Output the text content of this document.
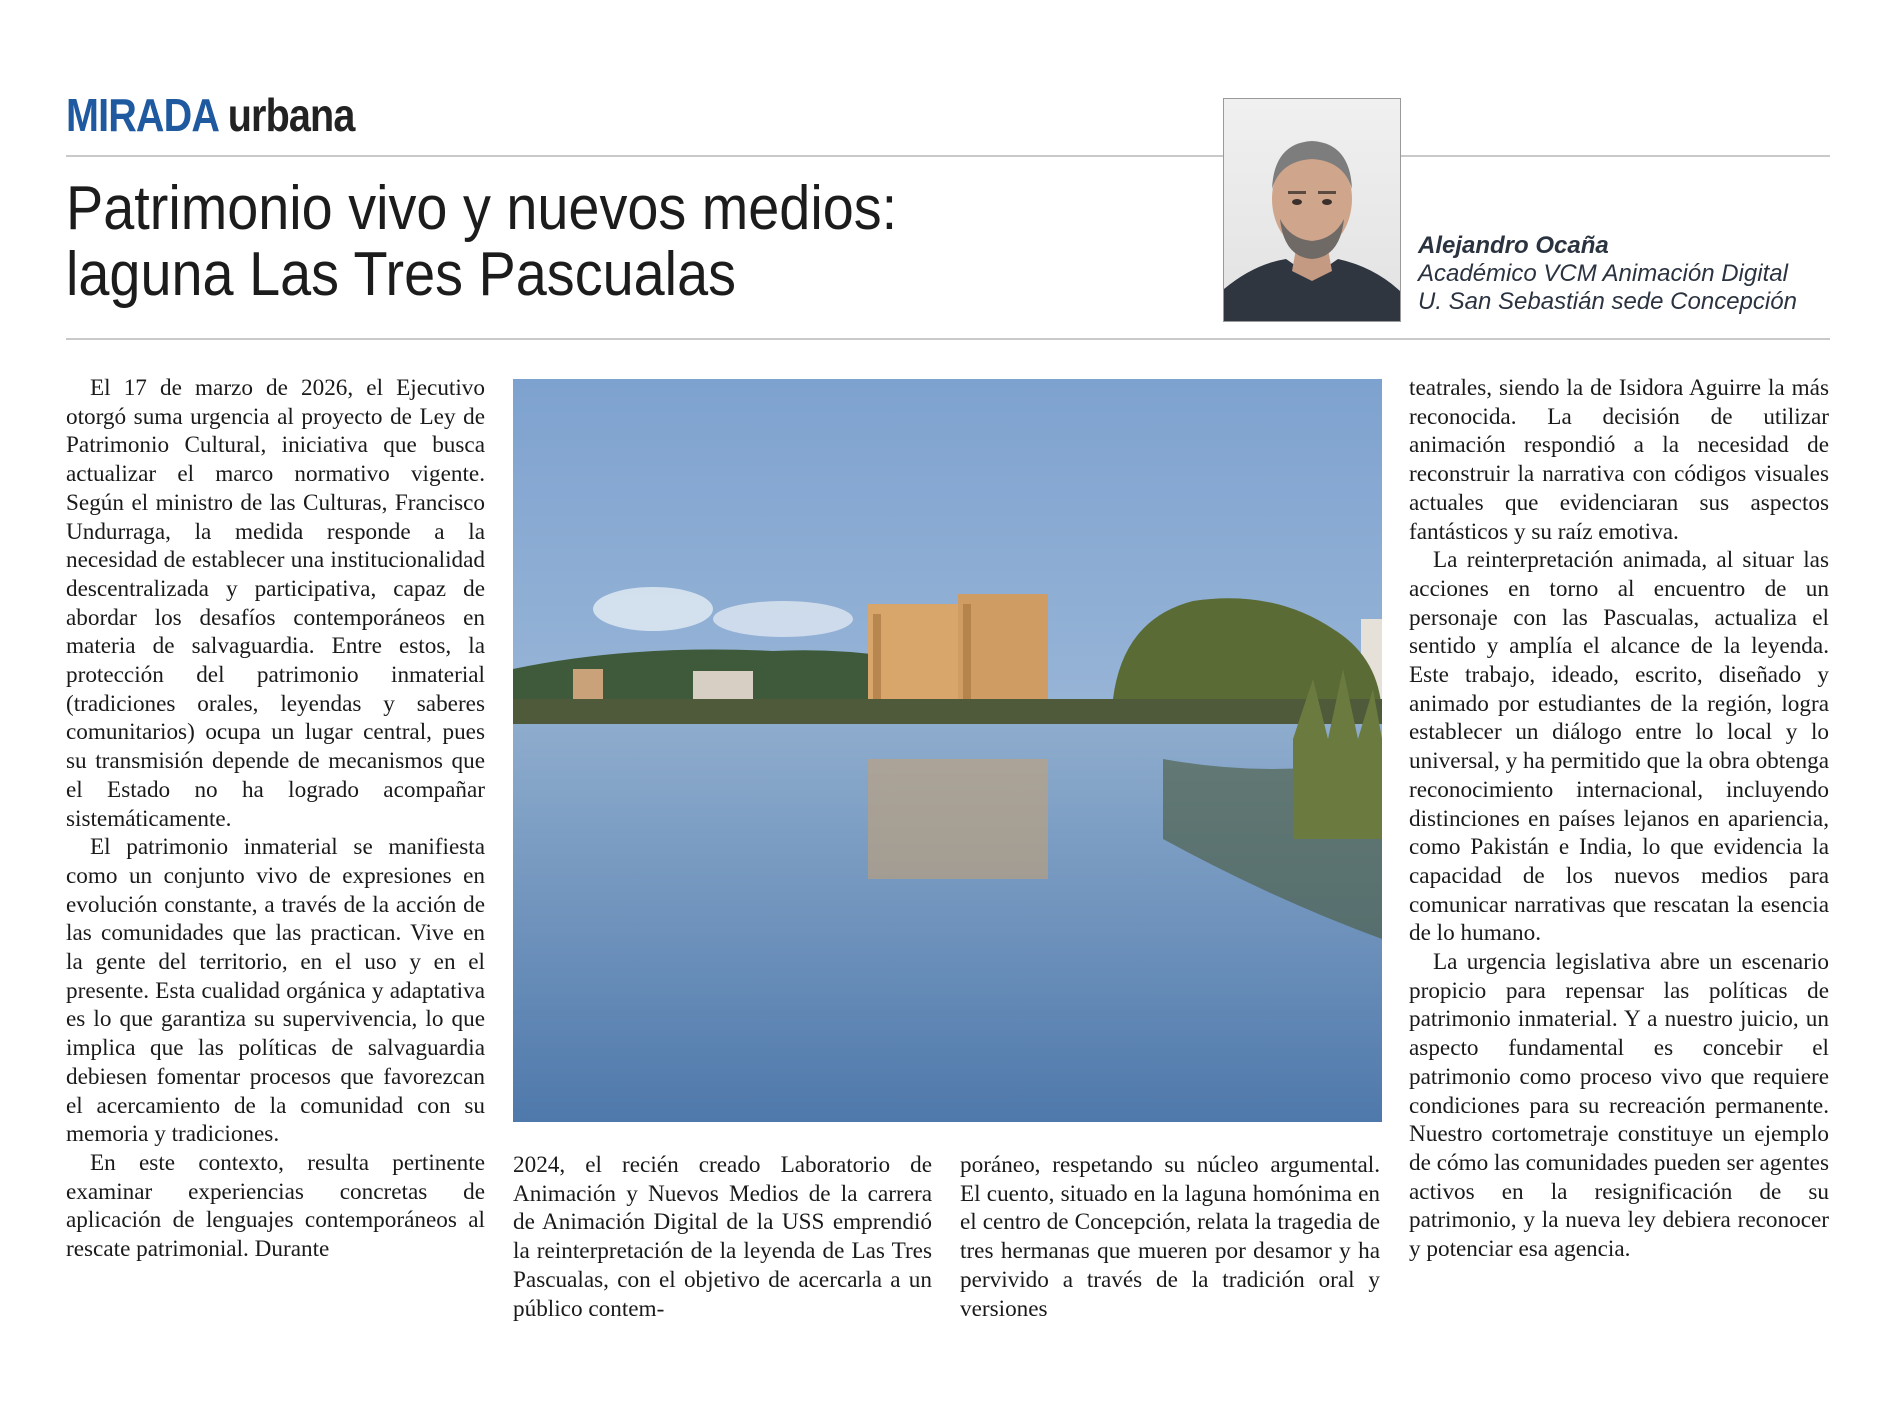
MIRADA urbana
Patrimonio vivo y nuevos medios:
laguna Las Tres Pascualas	Alejandro Ocaña
Académico VCM Animación Digital
U. San Sebastián sede Concepción

El 17 de marzo de 2026, el Ejecutivo otorgó suma urgencia al proyecto de Ley de Patrimonio Cultural, iniciativa que busca actualizar el marco normativo vigente. Según el ministro de las Culturas, Francisco Undurraga, la medida responde a la necesidad de establecer una institucionalidad descentralizada y participativa, capaz de abordar los desafíos contemporáneos en materia de salvaguardia. Entre estos, la protección del patrimonio inmaterial (tradiciones orales, leyendas y saberes comunitarios) ocupa un lugar central, pues su transmisión depende de mecanismos que el Estado no ha logrado acompañar sistemáticamente.

El patrimonio inmaterial se manifiesta como un conjunto vivo de expresiones en evolución constante, a través de la acción de las comunidades que las practican. Vive en la gente del territorio, en el uso y en el presente. Esta cualidad orgánica y adaptativa es lo que garantiza su supervivencia, lo que implica que las políticas de salvaguardia debiesen fomentar procesos que favorezcan el acercamiento de la comunidad con su memoria y tradiciones.

En este contexto, resulta pertinente examinar experiencias concretas de aplicación de lenguajes contemporáneos al rescate patrimonial. Durante

2024, el recién creado Laboratorio de Animación y Nuevos Medios de la carrera de Animación Digital de la USS emprendió la reinterpretación de la leyenda de Las Tres Pascualas, con el objetivo de acercarla a un público contem-

poráneo, respetando su núcleo argumental. El cuento, situado en la laguna homónima en el centro de Concepción, relata la tragedia de tres hermanas que mueren por desamor y ha pervivido a través de la tradición oral y versiones

teatrales, siendo la de Isidora Aguirre la más reconocida. La decisión de utilizar animación respondió a la necesidad de reconstruir la narrativa con códigos visuales actuales que evidenciaran sus aspectos fantásticos y su raíz emotiva.

La reinterpretación animada, al situar las acciones en torno al encuentro de un personaje con las Pascualas, actualiza el sentido y amplía el alcance de la leyenda. Este trabajo, ideado, escrito, diseñado y animado por estudiantes de la región, logra establecer un diálogo entre lo local y lo universal, y ha permitido que la obra obtenga reconocimiento internacional, incluyendo distinciones en países lejanos en apariencia, como Pakistán e India, lo que evidencia la capacidad de los nuevos medios para comunicar narrativas que rescatan la esencia de lo humano.

La urgencia legislativa abre un escenario propicio para repensar las políticas de patrimonio inmaterial. Y a nuestro juicio, un aspecto fundamental es concebir el patrimonio como proceso vivo que requiere condiciones para su recreación permanente. Nuestro cortometraje constituye un ejemplo de cómo las comunidades pueden ser agentes activos en la resignificación de su patrimonio, y la nueva ley debiera reconocer y potenciar esa agencia.
